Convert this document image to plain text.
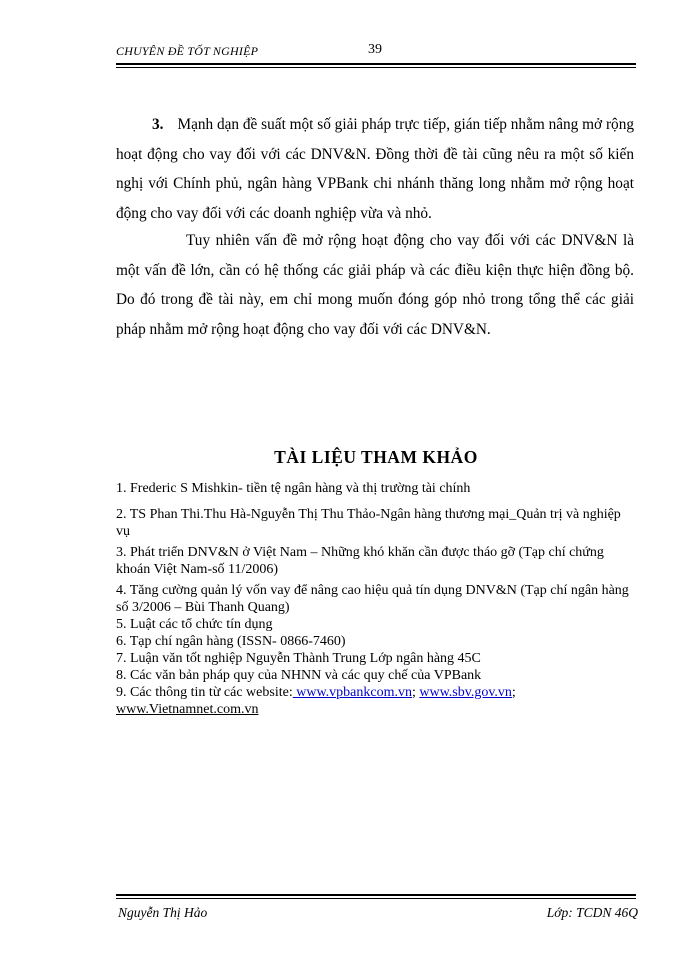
CHUYÊN ĐỀ TỐT NGHIỆP	39
3. Mạnh dạn đề suất một số giải pháp trực tiếp, gián tiếp nhằm nâng mở rộng hoạt động cho vay đối với các DNV&N. Đồng thời đề tài cũng nêu ra một số kiến nghị với Chính phủ, ngân hàng VPBank chi nhánh thăng long nhằm mở rộng hoạt động cho vay đối với các doanh nghiệp vừa và nhỏ.
Tuy nhiên vấn đề mở rộng hoạt động cho vay đối với các DNV&N là một vấn đề lớn, cần có hệ thống các giải pháp và các điều kiện thực hiện đồng bộ. Do đó trong đề tài này, em chỉ mong muốn đóng góp nhỏ trong tổng thể các giải pháp nhằm mở rộng hoạt động cho vay đối với các DNV&N.
TÀI LIỆU THAM KHẢO

1. Frederic S Mishkin- tiền tệ ngân hàng và thị trường tài chính

2. TS Phan Thi.Thu Hà-Nguyễn Thị Thu Thảo-Ngân hàng thương mại_Quản trị và nghiệp vụ

3. Phát triển DNV&N ở Việt Nam – Những khó khăn cần được tháo gỡ (Tạp chí chứng khoán Việt Nam-số 11/2006)

4. Tăng cường quản lý vốn vay để nâng cao hiệu quả tín dụng DNV&N (Tạp chí ngân hàng số 3/2006 – Bùi Thanh Quang)

5. Luật các tổ chức tín dụng

6. Tạp chí ngân hàng (ISSN- 0866-7460)

7. Luận văn tốt nghiệp Nguyễn Thành Trung Lớp ngân hàng 45C

8. Các văn bản pháp quy của NHNN và các quy chế của VPBank

9. Các thông tin từ các website: www.vpbankcom.vn; www.sbv.gov.vn;
www.Vietnamnet.com.vn

Nguyễn Thị Hảo	Lớp: TCDN 46Q
